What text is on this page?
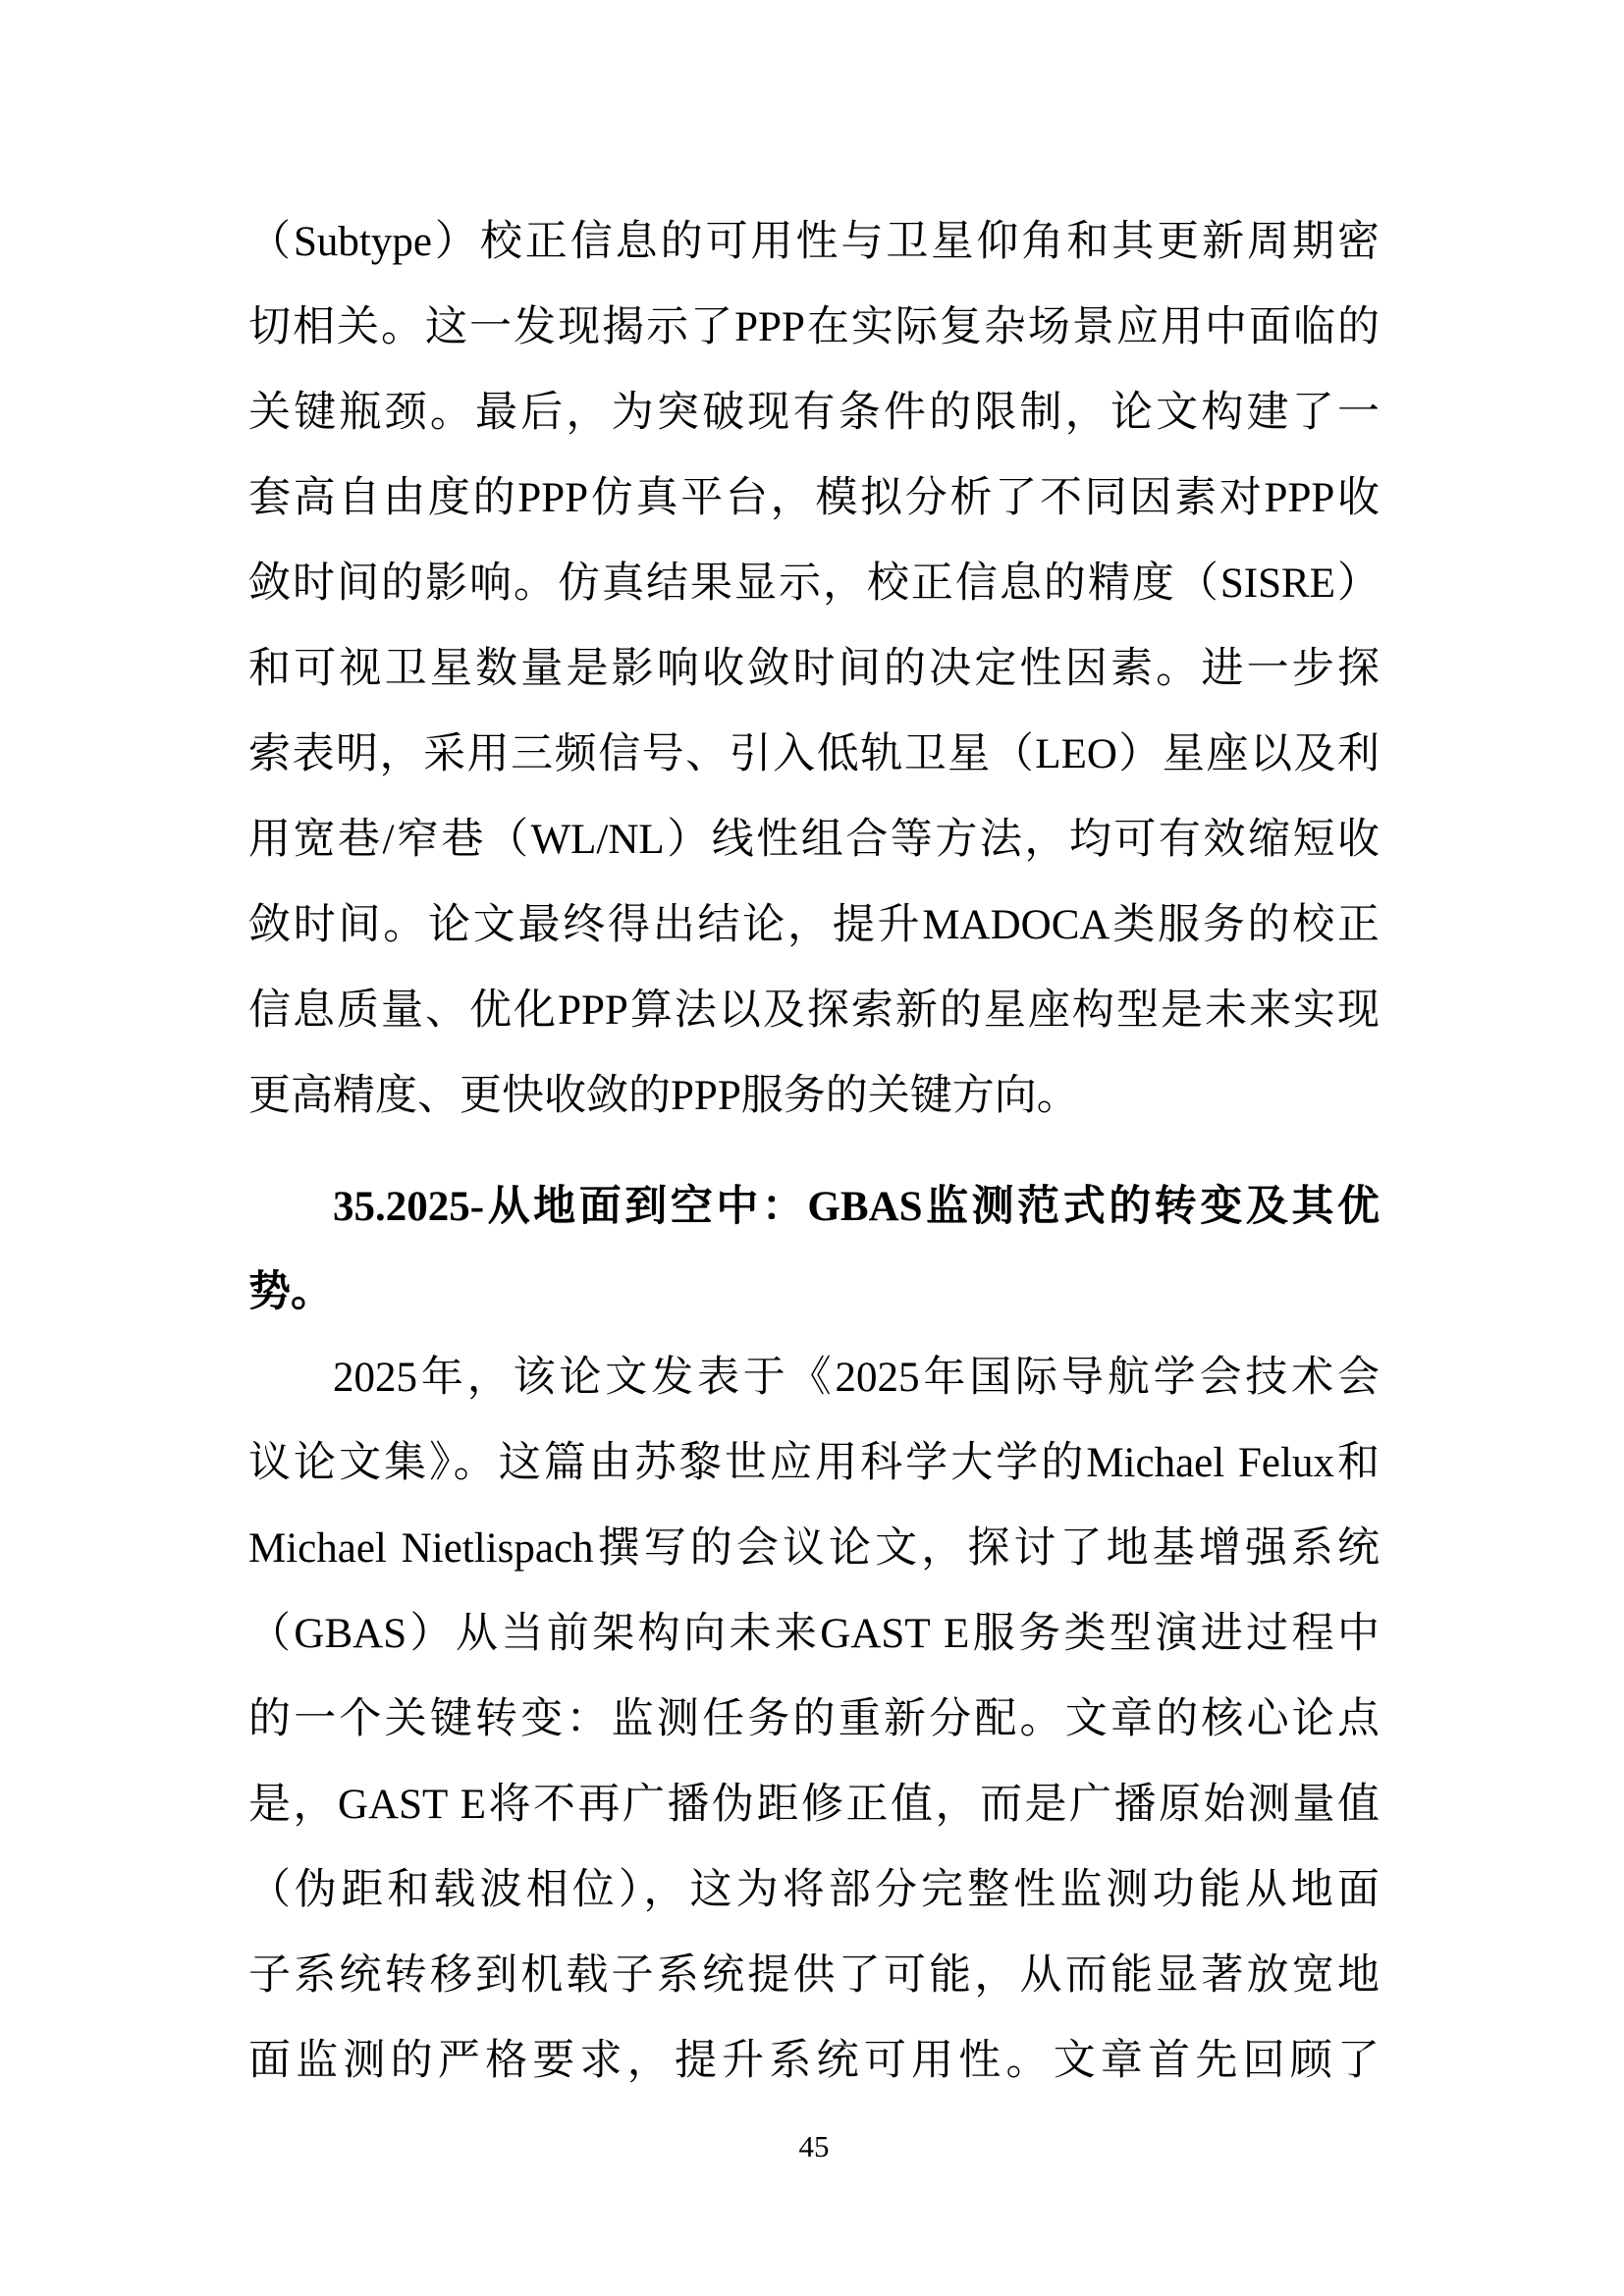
（Subtype）校正信息的可用性与卫星仰角和其更新周期密
切相关。这一发现揭示了PPP在实际复杂场景应用中面临的
关键瓶颈。最后，为突破现有条件的限制，论文构建了一
套高自由度的PPP仿真平台，模拟分析了不同因素对PPP收
敛时间的影响。仿真结果显示，校正信息的精度（SISRE）
和可视卫星数量是影响收敛时间的决定性因素。进一步探
索表明，采用三频信号、引入低轨卫星（LEO）星座以及利
用宽巷/窄巷（WL/NL）线性组合等方法，均可有效缩短收
敛时间。论文最终得出结论，提升MADOCA类服务的校正
信息质量、优化PPP算法以及探索新的星座构型是未来实现
更高精度、更快收敛的PPP服务的关键方向。
35.2025-从地面到空中：GBAS监测范式的转变及其优
势。
2025年，该论文发表于《2025年国际导航学会技术会
议论文集》。这篇由苏黎世应用科学大学的Michael Felux和
Michael Nietlispach撰写的会议论文，探讨了地基增强系统
（GBAS）从当前架构向未来GAST E服务类型演进过程中
的一个关键转变：监测任务的重新分配。文章的核心论点
是，GAST E将不再广播伪距修正值，而是广播原始测量值
（伪距和载波相位），这为将部分完整性监测功能从地面
子系统转移到机载子系统提供了可能，从而能显著放宽地
面监测的严格要求，提升系统可用性。文章首先回顾了
45
